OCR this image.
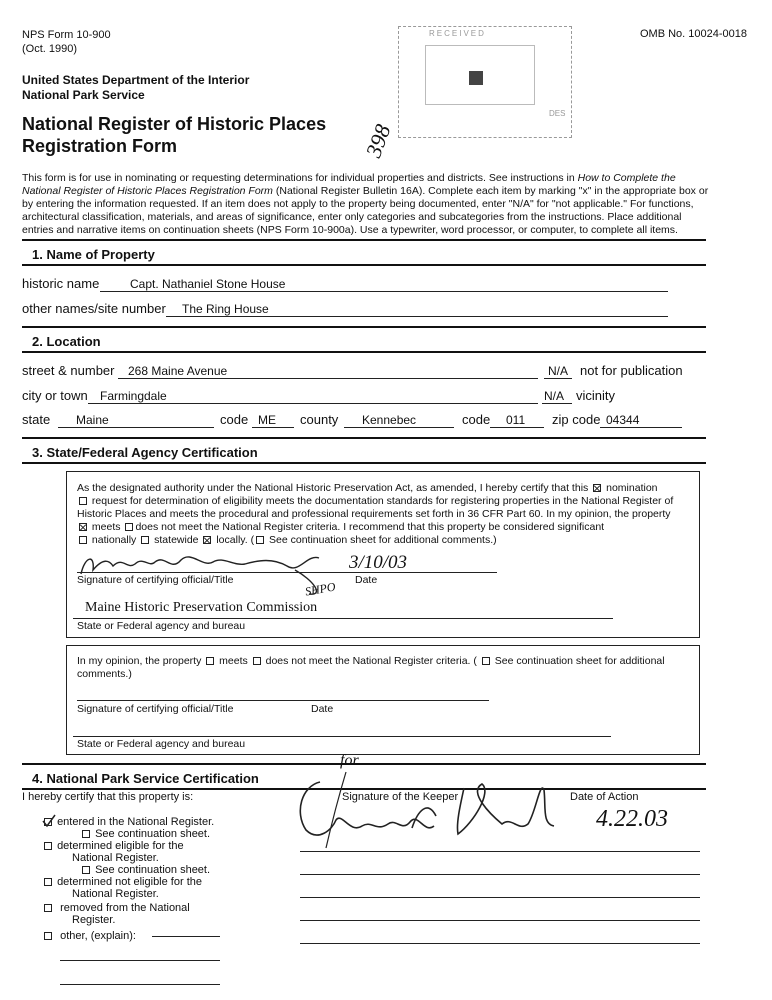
NPS Form 10-900
(Oct. 1990)
OMB No. 10024-0018
RECEIVED
DES
United States Department of the Interior
National Park Service
National Register of Historic Places
Registration Form	398
This form is for use in nominating or requesting determinations for individual properties and districts. See instructions in How to Complete the
National Register of Historic Places Registration Form (National Register Bulletin 16A). Complete each item by marking "x" in the appropriate box or
by entering the information requested. If an item does not apply to the property being documented, enter "N/A" for "not applicable." For functions,
architectural classification, materials, and areas of significance, enter only categories and subcategories from the instructions. Place additional
entries and narrative items on continuation sheets (NPS Form 10-900a). Use a typewriter, word processor, or computer, to complete all items.
1. Name of Property
historic name	Capt. Nathaniel Stone House
other names/site number The Ring House
2. Location
street & number 268 Maine Avenue	N/A not for publication
city or town Farmingdale	N/A vicinity
state Maine	code ME county Kennebec	code 011 zip code 04344
3. State/Federal Agency Certification
As the designated authority under the National Historic Preservation Act, as amended, I hereby certify that this nomination
request for determination of eligibility meets the documentation standards for registering properties in the National Register of
Historic Places and meets the procedural and professional requirements set forth in 36 CFR Part 60. In my opinion, the property
meets does not meet the National Register criteria. I recommend that this property be considered significant
nationally statewide locally. ( See continuation sheet for additional comments.)
Signature of certifying official/Title	Date
3/10/03
SHPO
Maine Historic Preservation Commission
State or Federal agency and bureau
In my opinion, the property meets does not meet the National Register criteria. ( See continuation sheet for additional
comments.)
Signature of certifying official/Title	Date
State or Federal agency and bureau
4. National Park Service Certification
I hereby certify that this property is:	Signature of the Keeper	Date of Action
for
4.22.03
entered in the National Register.
See continuation sheet.
determined eligible for the
National Register.
See continuation sheet.
determined not eligible for the
National Register.
removed from the National
Register.
other, (explain):
